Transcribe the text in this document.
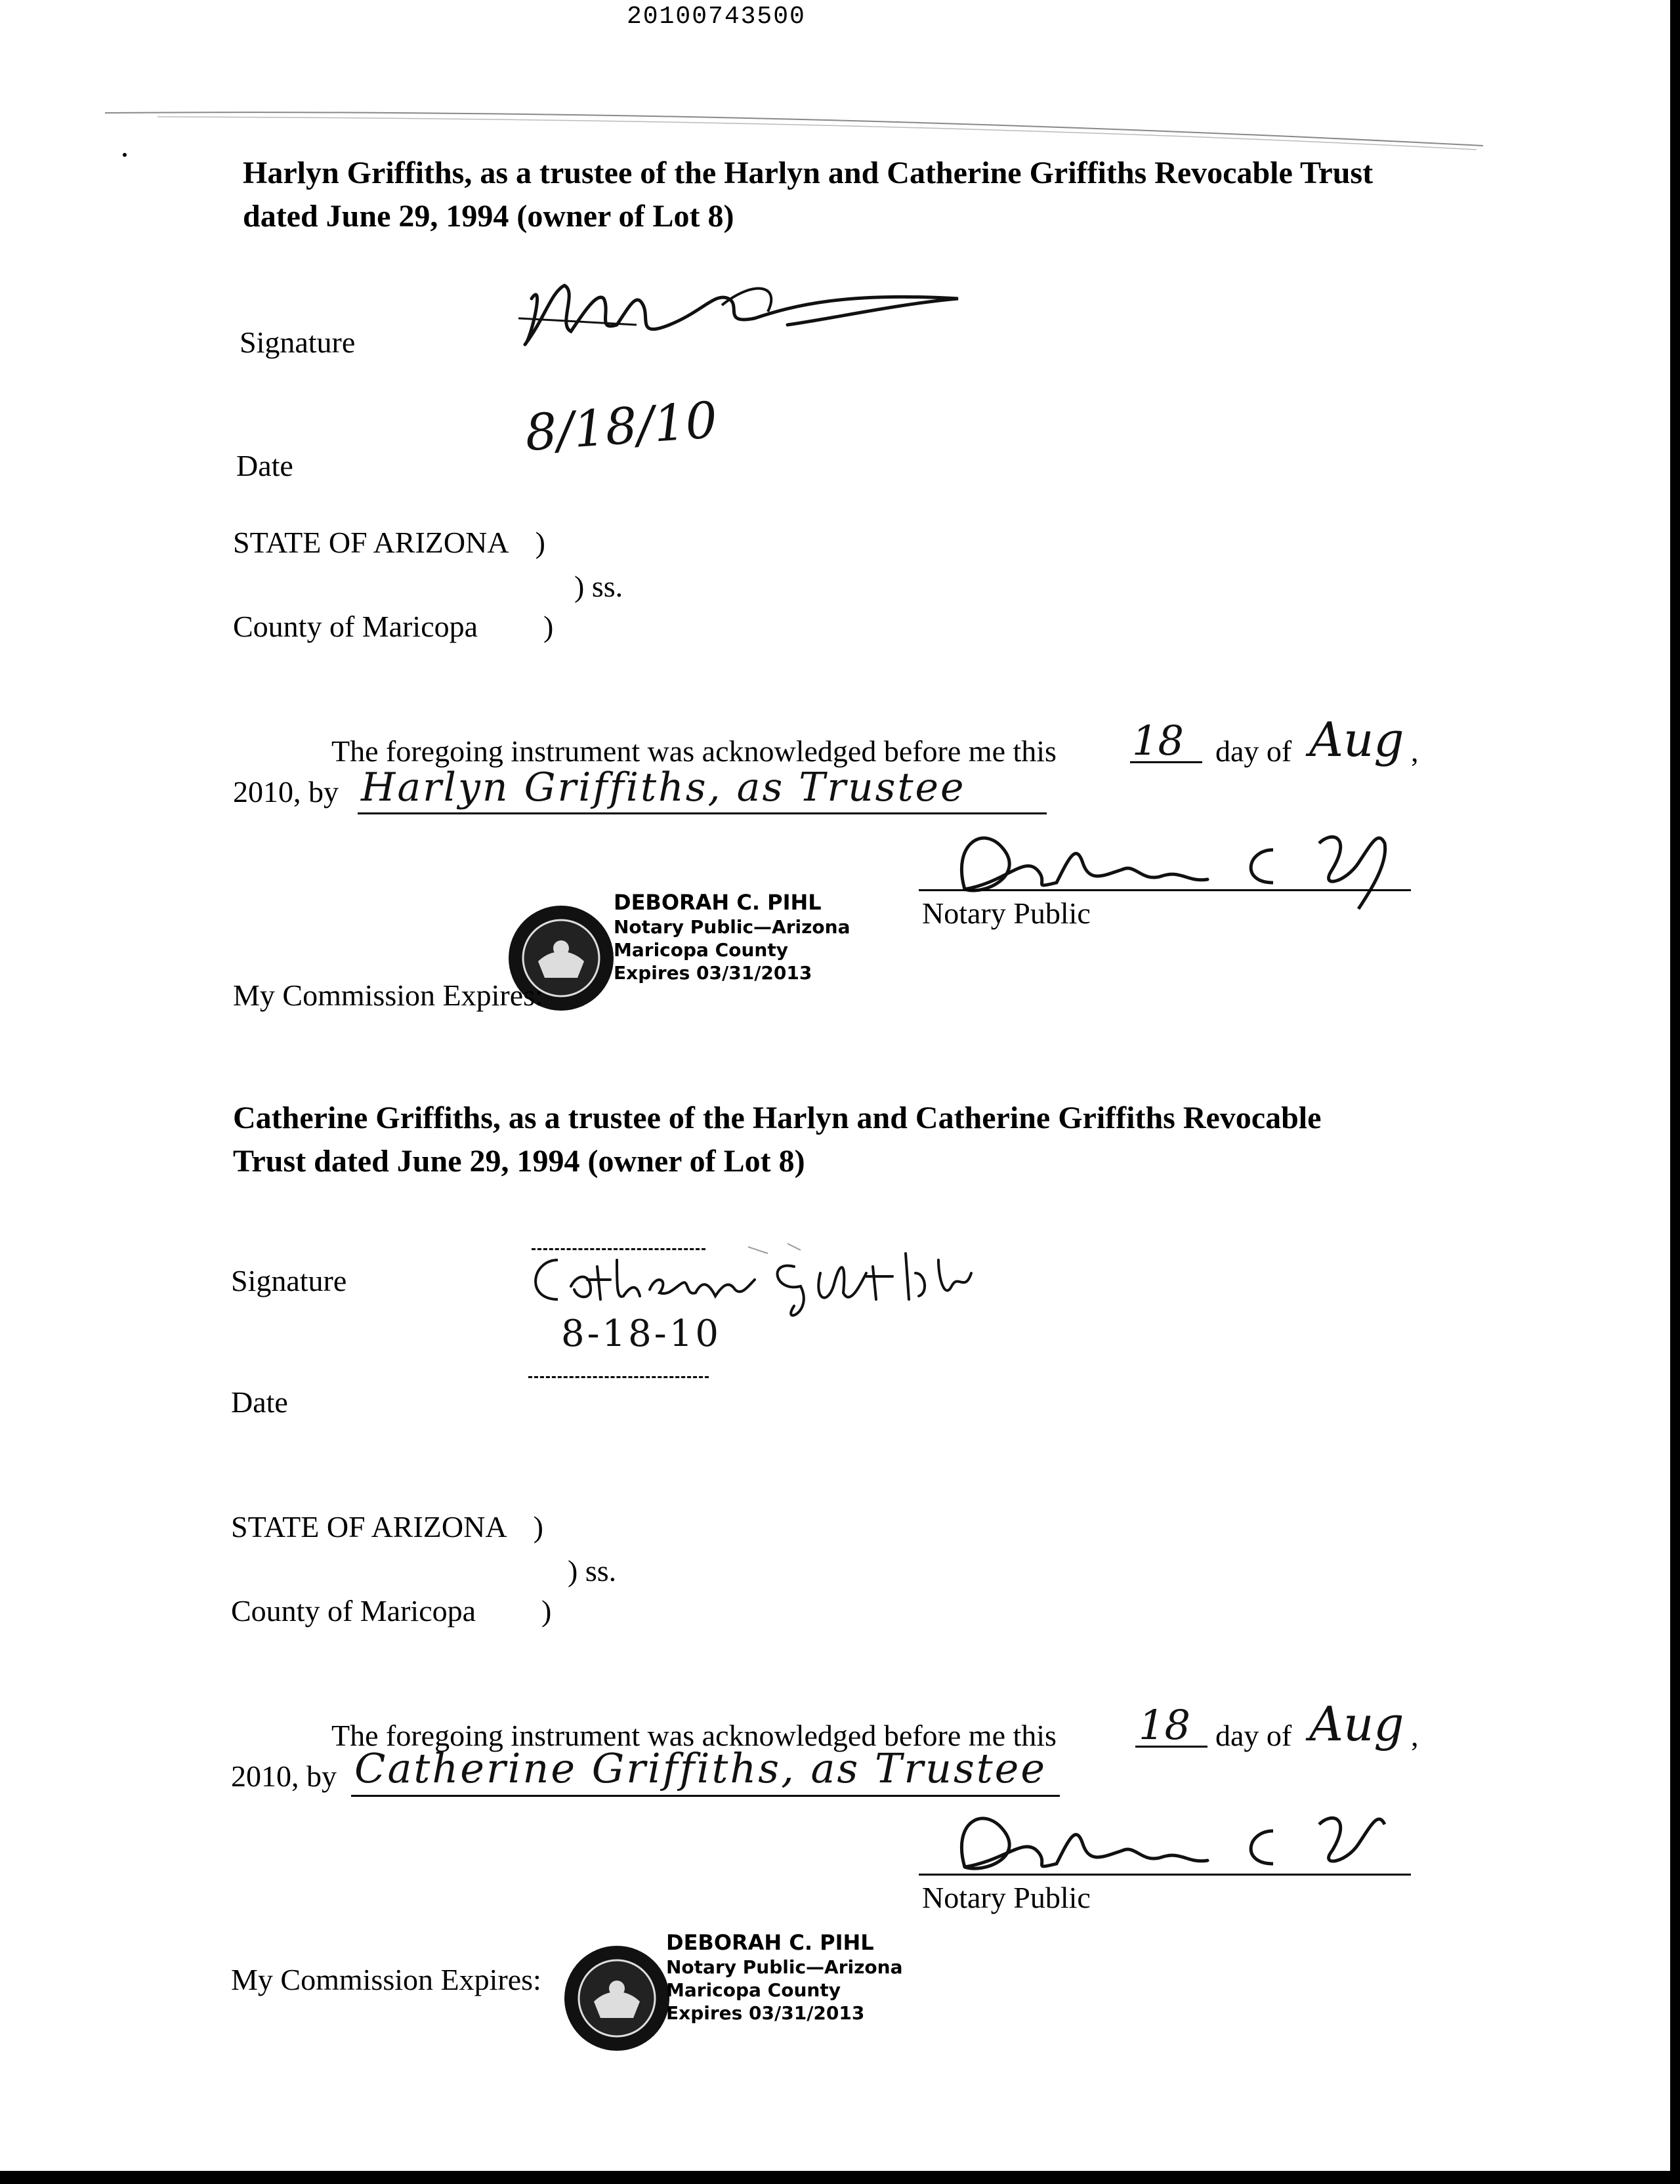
20100743500
Harlyn Griffiths, as a trustee of the Harlyn and Catherine Griffiths Revocable Trust
dated June 29, 1994 (owner of Lot 8)
Signature
Date
8/18/10
STATE OF ARIZONA )
) ss.
County of Maricopa )
The foregoing instrument was acknowledged before me this 18 day of Aug ,
2010, by Harlyn Griffiths, as Trustee
Notary Public
DEBORAH C. PIHL
Notary Public—Arizona
Maricopa County
Expires 03/31/2013
My Commission Expires:
Catherine Griffiths, as a trustee of the Harlyn and Catherine Griffiths Revocable
Trust dated June 29, 1994 (owner of Lot 8)
Signature
8-18-10
Date
STATE OF ARIZONA )
) ss.
County of Maricopa )
The foregoing instrument was acknowledged before me this 18 day of Aug ,
2010, by Catherine Griffiths, as Trustee
Notary Public
DEBORAH C. PIHL
Notary Public—Arizona
Maricopa County
Expires 03/31/2013
My Commission Expires:
